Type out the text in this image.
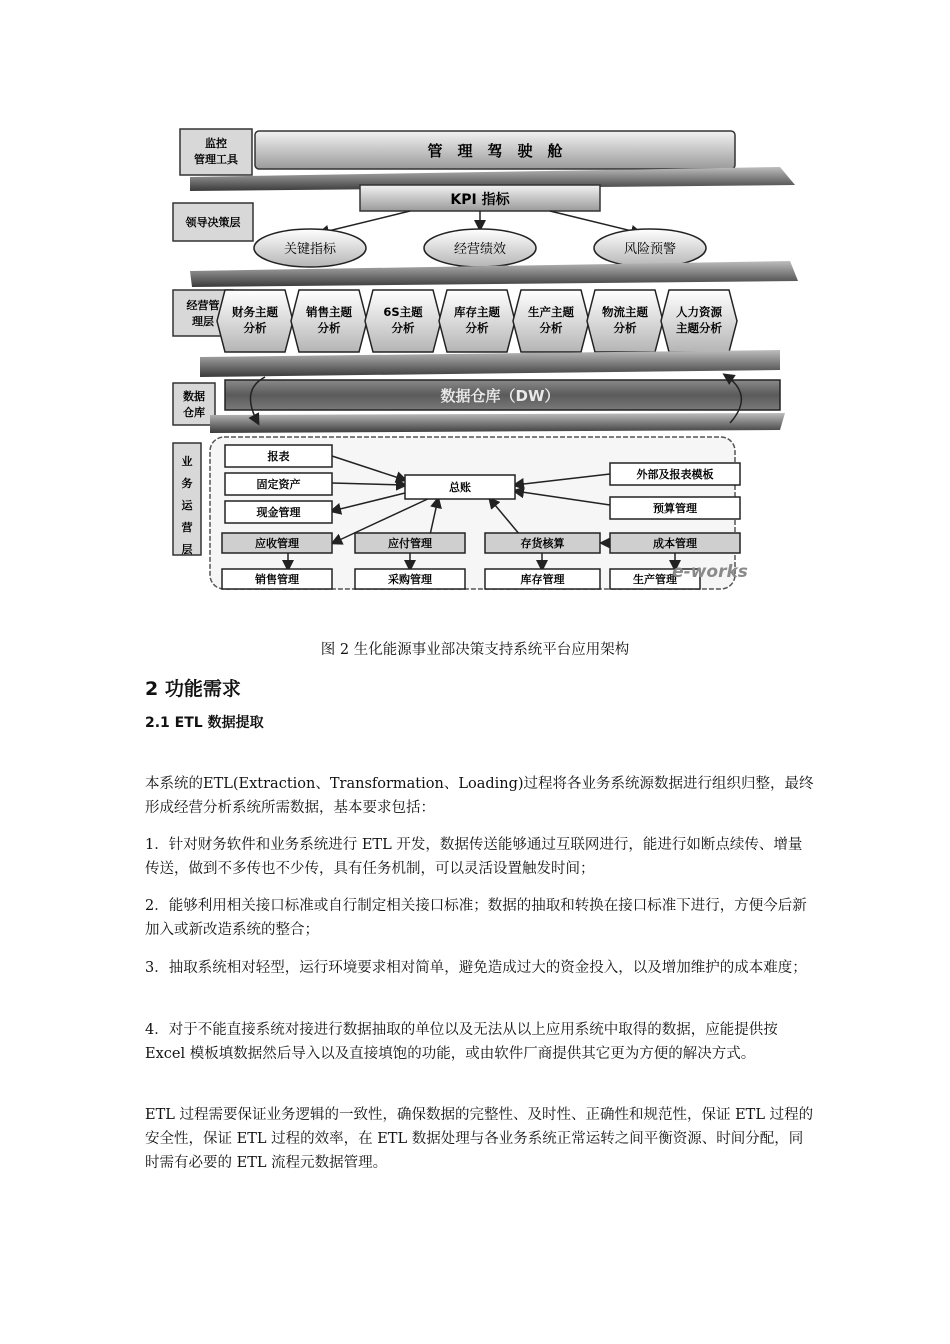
监控管理工具
领导决策层
经营管理层
数据仓库
业务运营层
管　理　驾　驶　舱
KPI 指标
关键指标	经营绩效	风险预警
财务主题分析
销售主题分析
6S主题分析
库存主题分析
生产主题分析
物流主题分析
人力资源主题分析
数据仓库（DW）
报表
固定资产
现金管理
总账
外部及报表模板
预算管理
应收管理	应付管理	存货核算	成本管理
销售管理	采购管理	库存管理	生产管理
e-works
图 2 生化能源事业部决策支持系统平台应用架构
2 功能需求
2.1 ETL 数据提取

本系统的ETL(Extraction、Transformation、Loading)过程将各业务系统源数据进行组织归整，最终形成经营分析系统所需数据，基本要求包括：

1．针对财务软件和业务系统进行 ETL 开发，数据传送能够通过互联网进行，能进行如断点续传、增量传送，做到不多传也不少传，具有任务机制，可以灵活设置触发时间；

2．能够利用相关接口标准或自行制定相关接口标准；数据的抽取和转换在接口标准下进行，方便今后新加入或新改造系统的整合；

3．抽取系统相对轻型，运行环境要求相对简单，避免造成过大的资金投入，以及增加维护的成本难度；

4．对于不能直接系统对接进行数据抽取的单位以及无法从以上应用系统中取得的数据，应能提供按 Excel 模板填数据然后导入以及直接填饱的功能，或由软件厂商提供其它更为方便的解决方式。

ETL 过程需要保证业务逻辑的一致性，确保数据的完整性、及时性、正确性和规范性，保证 ETL 过程的安全性，保证 ETL 过程的效率，在 ETL 数据处理与各业务系统正常运转之间平衡资源、时间分配，同时需有必要的 ETL 流程元数据管理。
